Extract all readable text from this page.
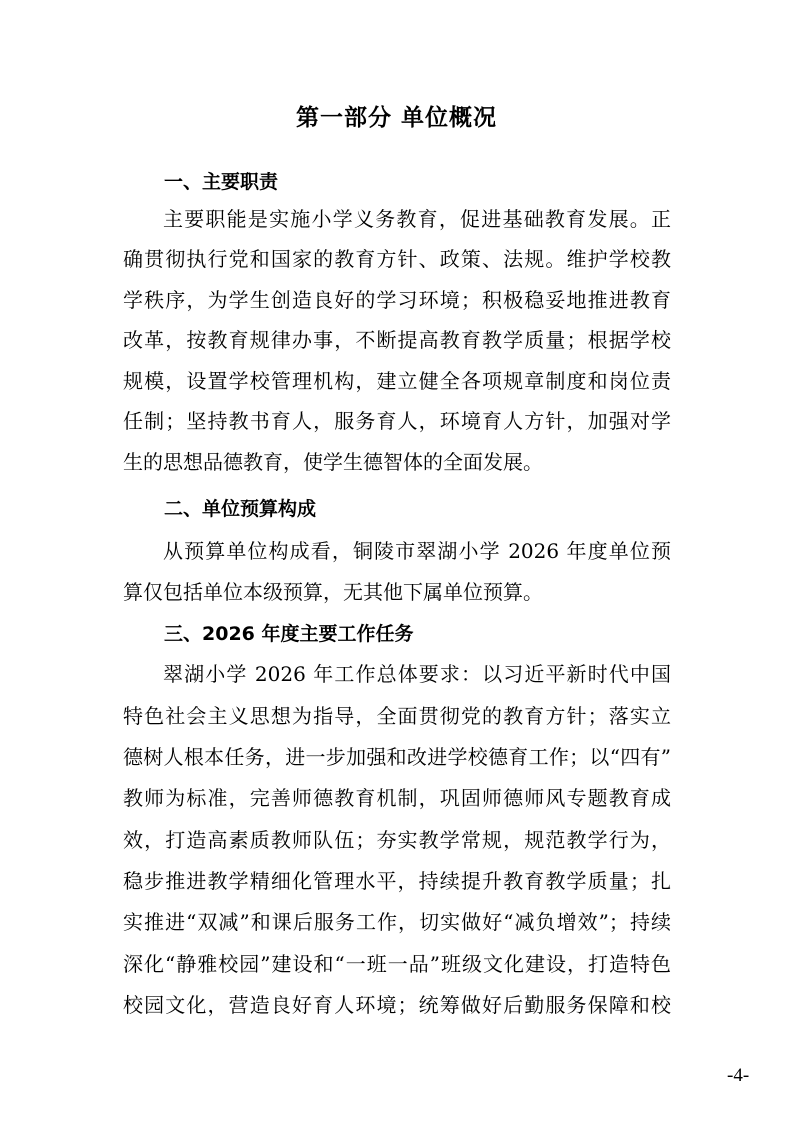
第一部分 单位概况
一、主要职责
主要职能是实施小学义务教育，促进基础教育发展。正
确贯彻执行党和国家的教育方针、政策、法规。维护学校教
学秩序，为学生创造良好的学习环境；积极稳妥地推进教育
改革，按教育规律办事，不断提高教育教学质量；根据学校
规模，设置学校管理机构，建立健全各项规章制度和岗位责
任制；坚持教书育人，服务育人，环境育人方针，加强对学
生的思想品德教育，使学生德智体的全面发展。
二、单位预算构成
从预算单位构成看，铜陵市翠湖小学 2026 年度单位预
算仅包括单位本级预算，无其他下属单位预算。
三、2026 年度主要工作任务
翠湖小学 2026 年工作总体要求：以习近平新时代中国
特色社会主义思想为指导，全面贯彻党的教育方针；落实立
德树人根本任务，进一步加强和改进学校德育工作；以“四有”
教师为标准，完善师德教育机制，巩固师德师风专题教育成
效，打造高素质教师队伍；夯实教学常规，规范教学行为，
稳步推进教学精细化管理水平，持续提升教育教学质量；扎
实推进“双减”和课后服务工作，切实做好“减负增效”；持续
深化“静雅校园”建设和“一班一品”班级文化建设，打造特色
校园文化，营造良好育人环境；统筹做好后勤服务保障和校
-4-
